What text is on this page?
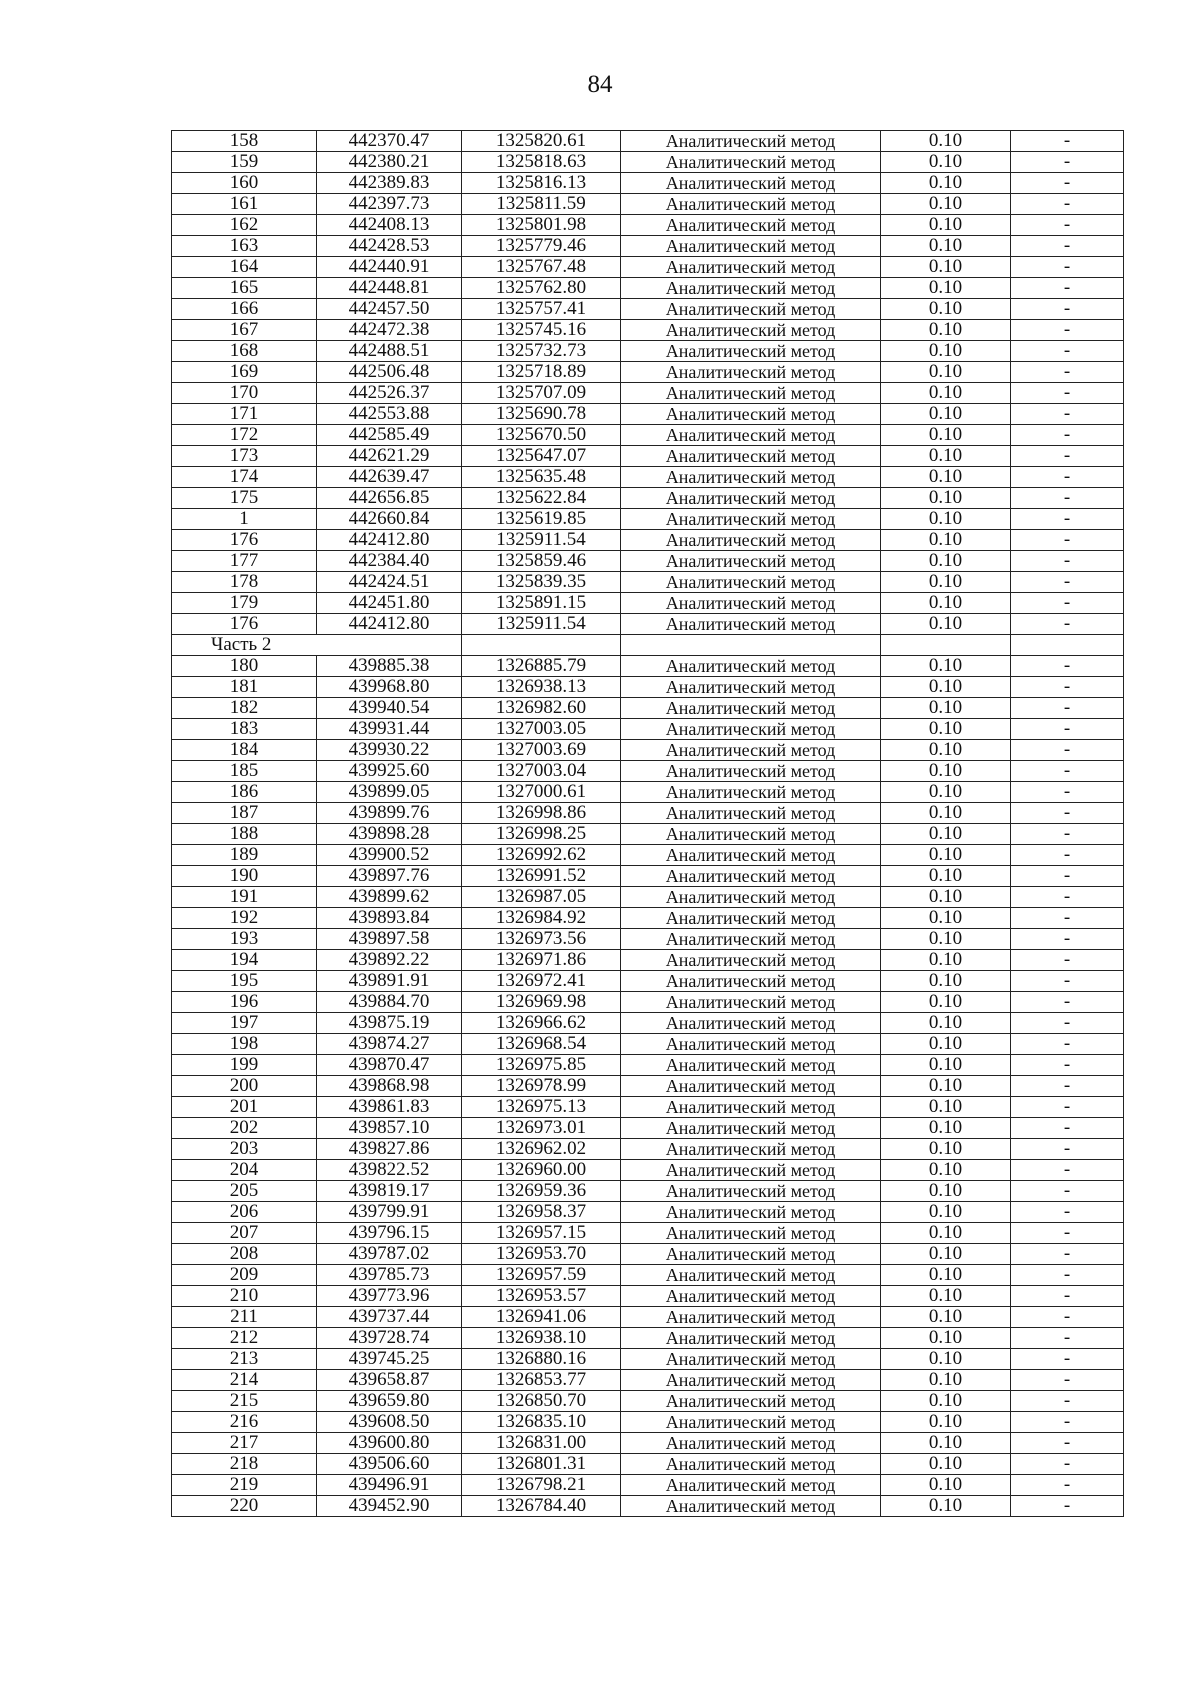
84
158	442370.47	1325820.61	Аналитический метод	0.10	-
159	442380.21	1325818.63	Аналитический метод	0.10	-
160	442389.83	1325816.13	Аналитический метод	0.10	-
161	442397.73	1325811.59	Аналитический метод	0.10	-
162	442408.13	1325801.98	Аналитический метод	0.10	-
163	442428.53	1325779.46	Аналитический метод	0.10	-
164	442440.91	1325767.48	Аналитический метод	0.10	-
165	442448.81	1325762.80	Аналитический метод	0.10	-
166	442457.50	1325757.41	Аналитический метод	0.10	-
167	442472.38	1325745.16	Аналитический метод	0.10	-
168	442488.51	1325732.73	Аналитический метод	0.10	-
169	442506.48	1325718.89	Аналитический метод	0.10	-
170	442526.37	1325707.09	Аналитический метод	0.10	-
171	442553.88	1325690.78	Аналитический метод	0.10	-
172	442585.49	1325670.50	Аналитический метод	0.10	-
173	442621.29	1325647.07	Аналитический метод	0.10	-
174	442639.47	1325635.48	Аналитический метод	0.10	-
175	442656.85	1325622.84	Аналитический метод	0.10	-
1	442660.84	1325619.85	Аналитический метод	0.10	-
176	442412.80	1325911.54	Аналитический метод	0.10	-
177	442384.40	1325859.46	Аналитический метод	0.10	-
178	442424.51	1325839.35	Аналитический метод	0.10	-
179	442451.80	1325891.15	Аналитический метод	0.10	-
176	442412.80	1325911.54	Аналитический метод	0.10	-
Часть 2					
180	439885.38	1326885.79	Аналитический метод	0.10	-
181	439968.80	1326938.13	Аналитический метод	0.10	-
182	439940.54	1326982.60	Аналитический метод	0.10	-
183	439931.44	1327003.05	Аналитический метод	0.10	-
184	439930.22	1327003.69	Аналитический метод	0.10	-
185	439925.60	1327003.04	Аналитический метод	0.10	-
186	439899.05	1327000.61	Аналитический метод	0.10	-
187	439899.76	1326998.86	Аналитический метод	0.10	-
188	439898.28	1326998.25	Аналитический метод	0.10	-
189	439900.52	1326992.62	Аналитический метод	0.10	-
190	439897.76	1326991.52	Аналитический метод	0.10	-
191	439899.62	1326987.05	Аналитический метод	0.10	-
192	439893.84	1326984.92	Аналитический метод	0.10	-
193	439897.58	1326973.56	Аналитический метод	0.10	-
194	439892.22	1326971.86	Аналитический метод	0.10	-
195	439891.91	1326972.41	Аналитический метод	0.10	-
196	439884.70	1326969.98	Аналитический метод	0.10	-
197	439875.19	1326966.62	Аналитический метод	0.10	-
198	439874.27	1326968.54	Аналитический метод	0.10	-
199	439870.47	1326975.85	Аналитический метод	0.10	-
200	439868.98	1326978.99	Аналитический метод	0.10	-
201	439861.83	1326975.13	Аналитический метод	0.10	-
202	439857.10	1326973.01	Аналитический метод	0.10	-
203	439827.86	1326962.02	Аналитический метод	0.10	-
204	439822.52	1326960.00	Аналитический метод	0.10	-
205	439819.17	1326959.36	Аналитический метод	0.10	-
206	439799.91	1326958.37	Аналитический метод	0.10	-
207	439796.15	1326957.15	Аналитический метод	0.10	-
208	439787.02	1326953.70	Аналитический метод	0.10	-
209	439785.73	1326957.59	Аналитический метод	0.10	-
210	439773.96	1326953.57	Аналитический метод	0.10	-
211	439737.44	1326941.06	Аналитический метод	0.10	-
212	439728.74	1326938.10	Аналитический метод	0.10	-
213	439745.25	1326880.16	Аналитический метод	0.10	-
214	439658.87	1326853.77	Аналитический метод	0.10	-
215	439659.80	1326850.70	Аналитический метод	0.10	-
216	439608.50	1326835.10	Аналитический метод	0.10	-
217	439600.80	1326831.00	Аналитический метод	0.10	-
218	439506.60	1326801.31	Аналитический метод	0.10	-
219	439496.91	1326798.21	Аналитический метод	0.10	-
220	439452.90	1326784.40	Аналитический метод	0.10	-
